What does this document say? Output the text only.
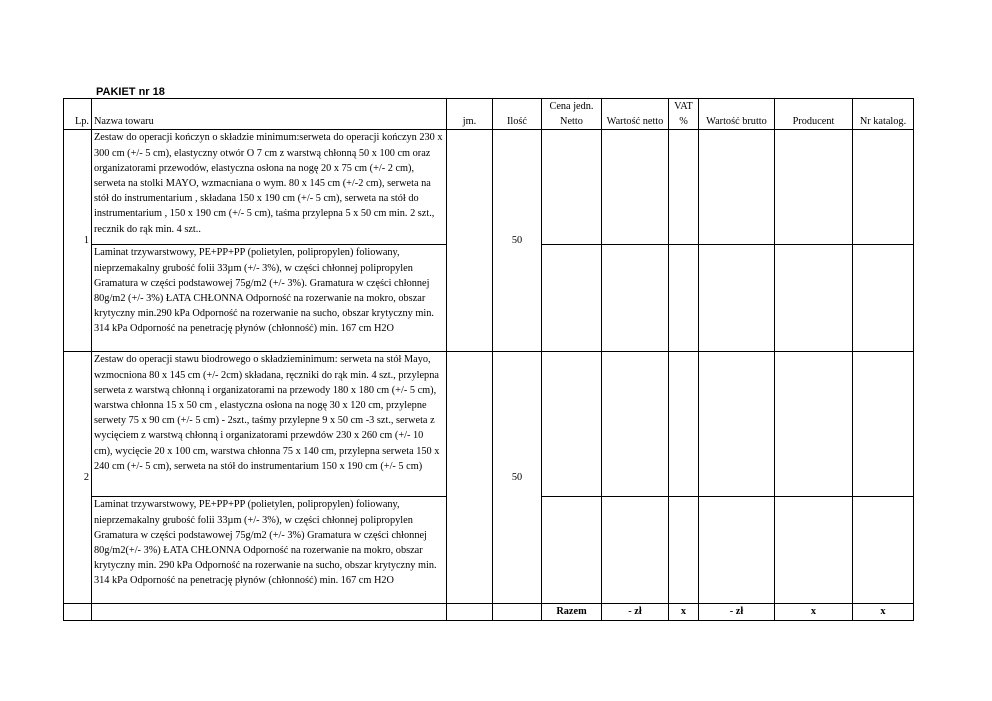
PAKIET nr 18
Lp.	Nazwa towaru	jm.	Ilość	Cena jedn. Netto	Wartość netto	VAT %	Wartość brutto	Producent	Nr katalog.
1	Zestaw do operacji kończyn o składzie minimum:serweta do operacji kończyn 230 x 300 cm (+/- 5 cm), elastyczny otwór O 7 cm z warstwą chłonną 50 x 100 cm oraz organizatorami przewodów, elastyczna osłona na nogę 20 x 75 cm (+/- 2 cm), serweta na stolki MAYO, wzmacniana o wym. 80 x 145 cm (+/-2 cm), serweta na stół do instrumentarium , składana 150 x 190 cm (+/- 5 cm), serweta na stół do instrumentarium , 150 x 190 cm (+/- 5 cm), taśma przylepna 5 x 50 cm min. 2 szt., recznik do rąk min. 4 szt..		50						
	Laminat trzywarstwowy, PE+PP+PP (polietylen, polipropylen) foliowany, nieprzemakalny grubość folii 33µm (+/- 3%), w części chłonnej polipropylen Gramatura w części podstawowej 75g/m2 (+/- 3%). Gramatura w części chłonnej 80g/m2 (+/- 3%) ŁATA CHŁONNA Odporność na rozerwanie na mokro, obszar krytyczny min.290 kPa Odporność na rozerwanie na sucho, obszar krytyczny min. 314 kPa Odporność na penetrację płynów (chłonność) min. 167 cm H2O								
2	Zestaw do operacji stawu biodrowego o składzieminimum: serweta na stół Mayo, wzmocniona 80 x 145 cm (+/- 2cm) składana, ręczniki do rąk min. 4 szt., przylepna serweta z warstwą chłonną i organizatorami na przewody 180 x 180 cm (+/- 5 cm), warstwa chłonna 15 x 50 cm , elastyczna osłona na nogę 30 x 120 cm, przylepne serwety 75 x 90 cm (+/- 5 cm) - 2szt., taśmy przylepne 9 x 50 cm -3 szt., serweta z wycięciem z warstwą chłonną i organizatorami przewdów 230 x 260 cm (+/- 10 cm), wycięcie 20 x 100 cm, warstwa chłonna 75 x 140 cm, przylepna serweta 150 x 240 cm (+/- 5 cm), serweta na stół do instrumentarium 150 x 190 cm (+/- 5 cm)		50						
	Laminat trzywarstwowy, PE+PP+PP (polietylen, polipropylen) foliowany, nieprzemakalny grubość folii 33µm (+/- 3%), w części chłonnej polipropylen Gramatura w części podstawowej 75g/m2 (+/- 3%) Gramatura w części chłonnej 80g/m2(+/- 3%) ŁATA CHŁONNA Odporność na rozerwanie na mokro, obszar krytyczny min. 290 kPa Odporność na rozerwanie na sucho, obszar krytyczny min. 314 kPa Odporność na penetrację płynów (chłonność) min. 167 cm H2O								
				Razem	- zł	x	- zł	x	x
